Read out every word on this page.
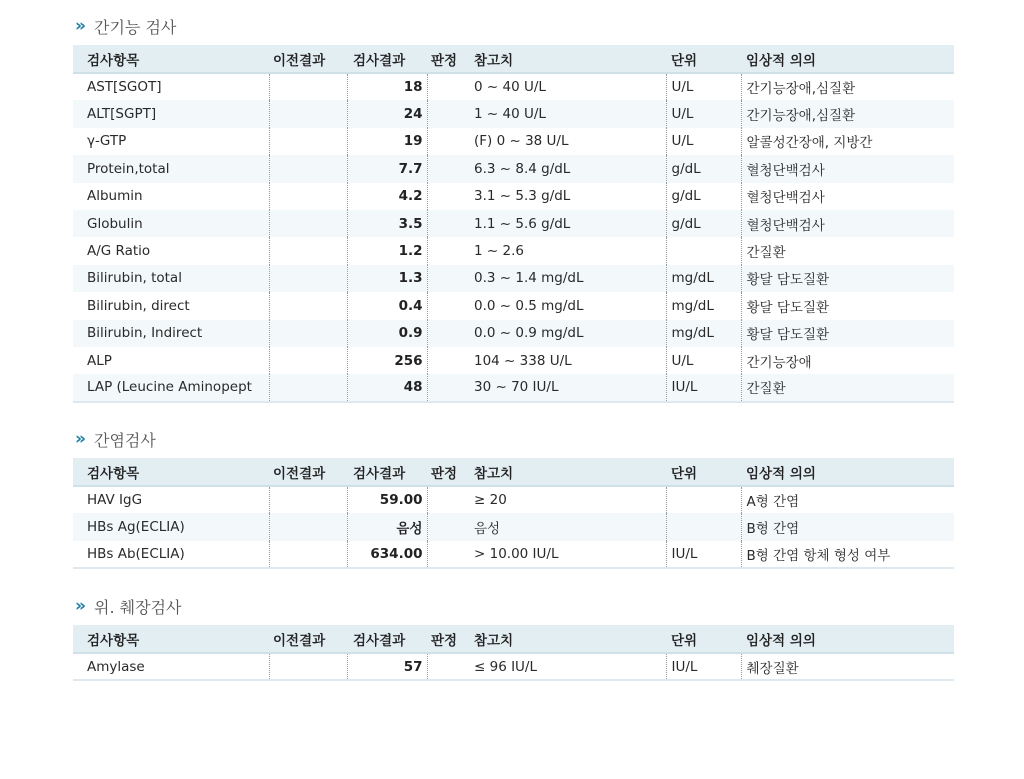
» 간기능 검사
검사항목	이전결과	검사결과	판정	참고치	단위	임상적 의의
AST[SGOT]		18		0 ~ 40 U/L	U/L	간기능장애,심질환
ALT[SGPT]		24		1 ~ 40 U/L	U/L	간기능장애,심질환
γ-GTP		19		(F) 0 ~ 38 U/L	U/L	알콜성간장애, 지방간
Protein,total		7.7		6.3 ~ 8.4 g/dL	g/dL	혈청단백검사
Albumin		4.2		3.1 ~ 5.3 g/dL	g/dL	혈청단백검사
Globulin		3.5		1.1 ~ 5.6 g/dL	g/dL	혈청단백검사
A/G Ratio		1.2		1 ~ 2.6		간질환
Bilirubin, total		1.3		0.3 ~ 1.4 mg/dL	mg/dL	황달 담도질환
Bilirubin, direct		0.4		0.0 ~ 0.5 mg/dL	mg/dL	황달 담도질환
Bilirubin, Indirect		0.9		0.0 ~ 0.9 mg/dL	mg/dL	황달 담도질환
ALP		256		104 ~ 338 U/L	U/L	간기능장애
LAP (Leucine Aminopept		48		30 ~ 70 IU/L	IU/L	간질환
» 간염검사
검사항목	이전결과	검사결과	판정	참고치	단위	임상적 의의
HAV IgG		59.00		≥ 20		A형 간염
HBs Ag(ECLIA)		음성		음성		B형 간염
HBs Ab(ECLIA)		634.00		> 10.00 IU/L	IU/L	B형 간염 항체 형성 여부
» 위. 췌장검사
검사항목	이전결과	검사결과	판정	참고치	단위	임상적 의의
Amylase		57		≤ 96 IU/L	IU/L	췌장질환
